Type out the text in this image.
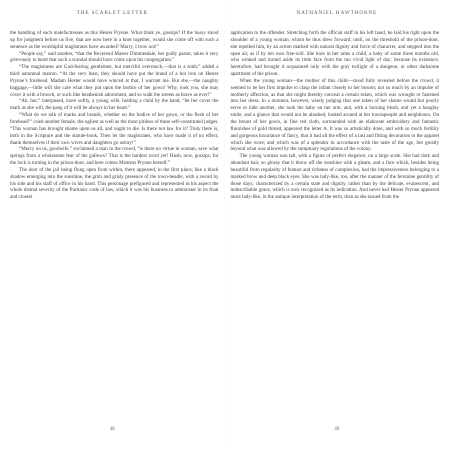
THE SCARLET LETTER

the handling of such malefactresses as this Hester Prynne. What think ye, gossips? If the hussy stood up for judgment before us five, that are now here in a knot together, would she come off with such a sentence as the worshipful magistrates have awarded? Marry, I trow not!”

“People say,” said another, “that the Reverend Master Dimmesdale, her godly pastor, takes it very grievously to heart that such a scandal should have come upon his congregation.”

“The magistrates are God-fearing gentlemen, but merciful overmuch,—that is a truth,” added a third autumnal matron. “At the very least, they should have put the brand of a hot iron on Hester Prynne’s forehead. Madam Hester would have winced at that, I warrant me. But she,—the naughty baggage,—little will she care what they put upon the bodice of her gown! Why, look you, she may cover it with a brooch, or such like heathenish adornment, and so walk the streets as brave as ever!”

“Ah, but,” interposed, more softly, a young wife, holding a child by the hand, “let her cover the mark as she will, the pang of it will be always in her heart.”

“What do we talk of marks and brands, whether on the bodice of her gown, or the flesh of her forehead?” cried another female, the ugliest as well as the most pitiless of these self-constituted judges. “This woman has brought shame upon us all, and ought to die. Is there not law for it? Truly there is, both in the Scripture and the statute-book. Then let the magistrates, who have made it of no effect, thank themselves if their own wives and daughters go astray!”

“Mercy on us, goodwife,” exclaimed a man in the crowd, “is there no virtue in woman, save what springs from a wholesome fear of the gallows? That is the hardest word yet! Hush, now, gossips; for the lock is turning in the prison-door, and here comes Mistress Prynne herself.”

The door of the jail being flung open from within, there appeared, in the first place, like a black shadow emerging into the sunshine, the grim and grisly presence of the town-beadle, with a sword by his side and his staff of office in his hand. This personage prefigured and represented in his aspect the whole dismal severity of the Puritanic code of law, which it was his business to administer in its final and closest

48
NATHANIEL HAWTHORNE

application to the offender. Stretching forth the official staff in his left hand, he laid his right upon the shoulder of a young woman, whom he thus drew forward; until, on the threshold of the prison-door, she repelled him, by an action marked with natural dignity and force of character, and stepped into the open air, as if by her own free-will. She bore in her arms a child, a baby of some three months old, who winked and turned aside its little face from the too vivid light of day; because its existence, heretofore, had brought it acquainted only with the gray twilight of a dungeon, or other darksome apartment of the prison.

When the young woman—the mother of this child—stood fully revealed before the crowd, it seemed to be her first impulse to clasp the infant closely to her bosom; not so much by an impulse of motherly affection, as that she might thereby conceal a certain token, which was wrought or fastened into her dress. In a moment, however, wisely judging that one token of her shame would but poorly serve to hide another, she took the baby on her arm, and, with a burning blush, and yet a haughty smile, and a glance that would not be abashed, looked around at her townspeople and neighbours. On the breast of her gown, in fine red cloth, surrounded with an elaborate embroidery and fantastic flourishes of gold thread, appeared the letter A. It was so artistically done, and with so much fertility and gorgeous luxuriance of fancy, that it had all the effect of a last and fitting decoration to the apparel which she wore; and which was of a splendor in accordance with the taste of the age, but greatly beyond what was allowed by the sumptuary regulations of the colony.

The young woman was tall, with a figure of perfect elegance, on a large scale. She had dark and abundant hair, so glossy that it threw off the sunshine with a gleam, and a face which, besides being beautiful from regularity of feature and richness of complexion, had the impressiveness belonging to a marked brow and deep black eyes. She was lady-like, too, after the manner of the feminine gentility of those days; characterized by a certain state and dignity, rather than by the delicate, evanescent, and indescribable grace, which is now recognized as its indication. And never had Hester Prynne appeared more lady-like, in the antique interpretation of the term, than as she issued from the

49
